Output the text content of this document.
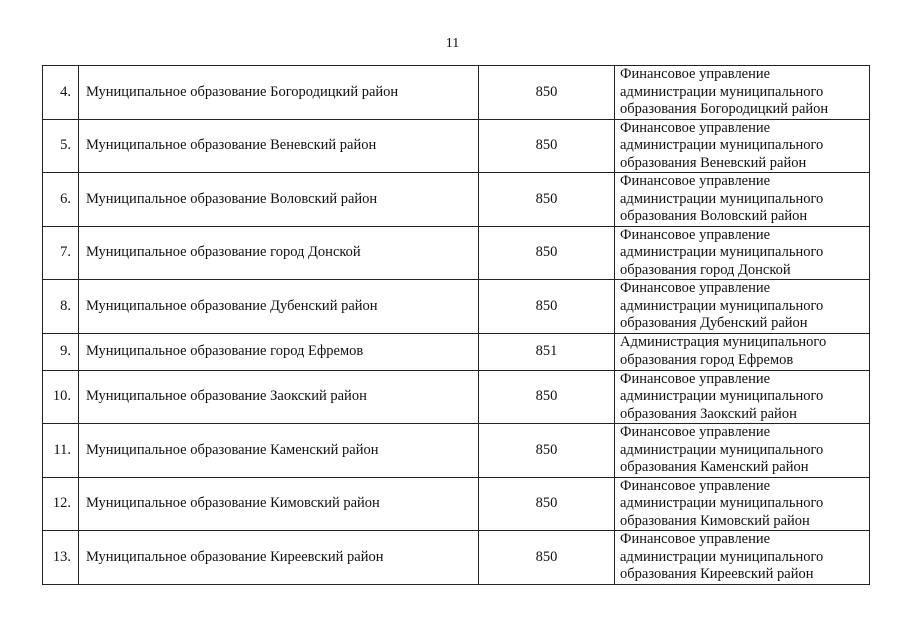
11
4.	Муниципальное образование Богородицкий район	850	Финансовое управление
администрации муниципального
образования Богородицкий район
5.	Муниципальное образование Веневский район	850	Финансовое управление
администрации муниципального
образования Веневский район
6.	Муниципальное образование Воловский район	850	Финансовое управление
администрации муниципального
образования Воловский район
7.	Муниципальное образование город Донской	850	Финансовое управление
администрации муниципального
образования город Донской
8.	Муниципальное образование Дубенский район	850	Финансовое управление
администрации муниципального
образования Дубенский район
9.	Муниципальное образование город Ефремов	851	Администрация муниципального
образования город Ефремов
10.	Муниципальное образование Заокский район	850	Финансовое управление
администрации муниципального
образования Заокский район
11.	Муниципальное образование Каменский район	850	Финансовое управление
администрации муниципального
образования Каменский район
12.	Муниципальное образование Кимовский район	850	Финансовое управление
администрации муниципального
образования Кимовский район
13.	Муниципальное образование Киреевский район	850	Финансовое управление
администрации муниципального
образования Киреевский район
